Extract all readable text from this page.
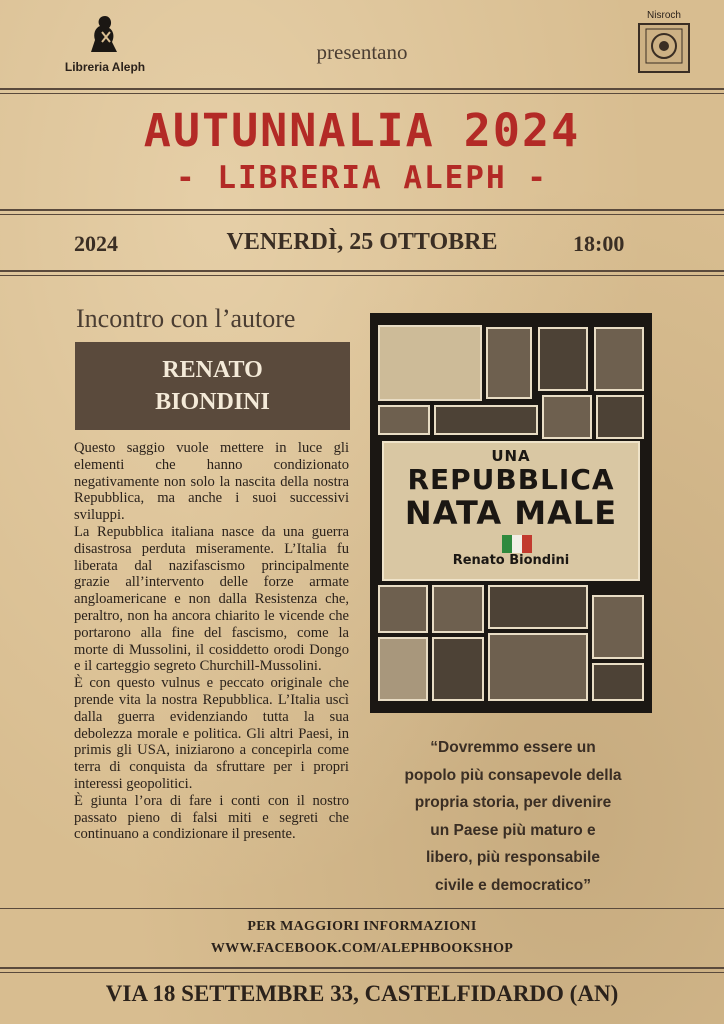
Libreria Aleph
presentano
Nisroch
AUTUNNALIA 2024
- LIBRERIA ALEPH -
2024	VENERDÌ, 25 OTTOBRE	18:00
Incontro con l’autore
RENATO
BIONDINI

Questo saggio vuole mettere in luce gli elementi che hanno condizionato negativamente non solo la nascita della nostra Repubblica, ma anche i suoi successivi sviluppi.

La Repubblica italiana nasce da una guerra disastrosa perduta miseramente. L’Italia fu liberata dal nazifascismo principalmente grazie all’intervento delle forze armate angloamericane e non dalla Resistenza che, peraltro, non ha ancora chiarito le vicende che portarono alla fine del fascismo, come la morte di Mussolini, il cosiddetto orodi Dongo e il carteggio segreto Churchill-Mussolini.

È con questo vulnus e peccato originale che prende vita la nostra Repubblica. L’Italia uscì dalla guerra evidenziando tutta la sua debolezza morale e politica. Gli altri Paesi, in primis gli USA, iniziarono a concepirla come terra di conquista da sfruttare per i propri interessi geopolitici.

È giunta l’ora di fare i conti con il nostro passato pieno di falsi miti e segreti che continuano a condizionare il presente.

UNA
REPUBBLICA
NATA MALE
Renato Biondini
“Dovremmo essere un
popolo più consapevole della
propria storia, per divenire
un Paese più maturo e
libero, più responsabile
civile e democratico”
PER MAGGIORI INFORMAZIONI
WWW.FACEBOOK.COM/ALEPHBOOKSHOP
VIA 18 SETTEMBRE 33, CASTELFIDARDO (AN)
